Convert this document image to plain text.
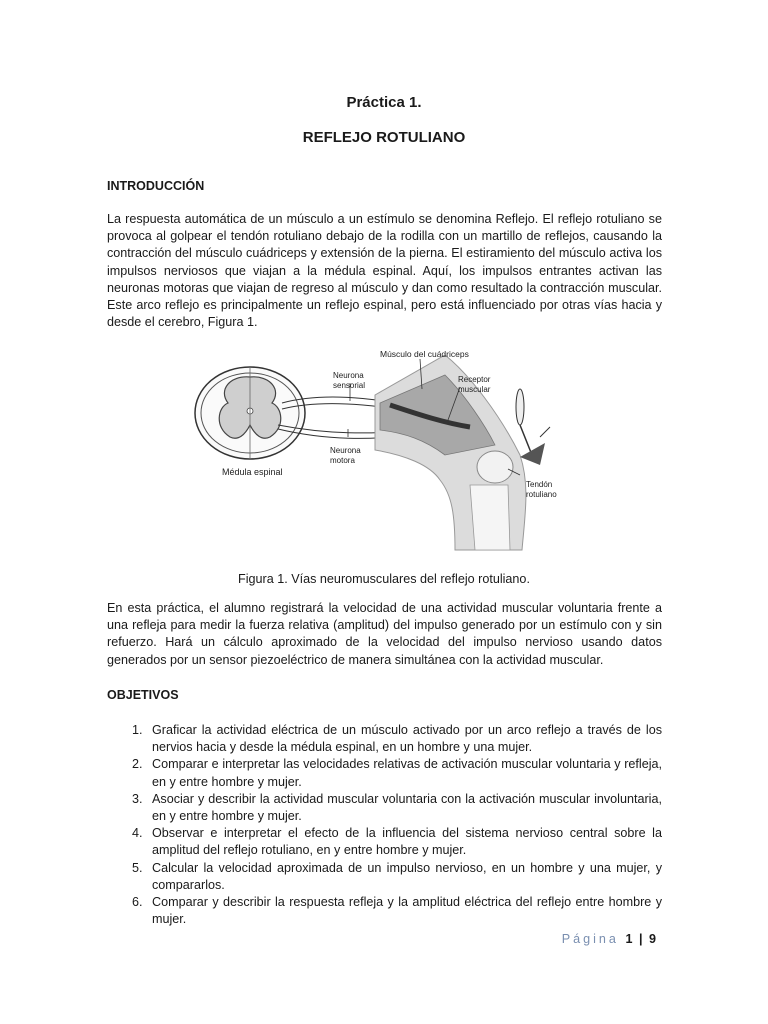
Práctica 1.
REFLEJO ROTULIANO
INTRODUCCIÓN
La respuesta automática de un músculo a un estímulo se denomina Reflejo. El reflejo rotuliano se provoca al golpear el tendón rotuliano debajo de la rodilla con un martillo de reflejos, causando la contracción del músculo cuádriceps y extensión de la pierna. El estiramiento del músculo activa los impulsos nerviosos que viajan a la médula espinal. Aquí, los impulsos entrantes activan las neuronas motoras que viajan de regreso al músculo y dan como resultado la contracción muscular. Este arco reflejo es principalmente un reflejo espinal, pero está influenciado por otras vías hacia y desde el cerebro, Figura 1.
Músculo del cuádriceps
Neurona
sensorial
Receptor
muscular
Neurona
motora
Médula espinal
Tendón
rotuliano
Figura 1. Vías neuromusculares del reflejo rotuliano.
En esta práctica, el alumno registrará la velocidad de una actividad muscular voluntaria frente a una refleja para medir la fuerza relativa (amplitud) del impulso generado por un estímulo con y sin refuerzo. Hará un cálculo aproximado de la velocidad del impulso nervioso usando datos generados por un sensor piezoeléctrico de manera simultánea con la actividad muscular.
OBJETIVOS
1. Graficar la actividad eléctrica de un músculo activado por un arco reflejo a través de los nervios hacia y desde la médula espinal, en un hombre y una mujer.
2. Comparar e interpretar las velocidades relativas de activación muscular voluntaria y refleja, en y entre hombre y mujer.
3. Asociar y describir la actividad muscular voluntaria con la activación muscular involuntaria, en y entre hombre y mujer.
4. Observar e interpretar el efecto de la influencia del sistema nervioso central sobre la amplitud del reflejo rotuliano, en y entre hombre y mujer.
5. Calcular la velocidad aproximada de un impulso nervioso, en un hombre y una mujer, y compararlos.
6. Comparar y describir la respuesta refleja y la amplitud eléctrica del reflejo entre hombre y mujer.
Página 1 | 9
